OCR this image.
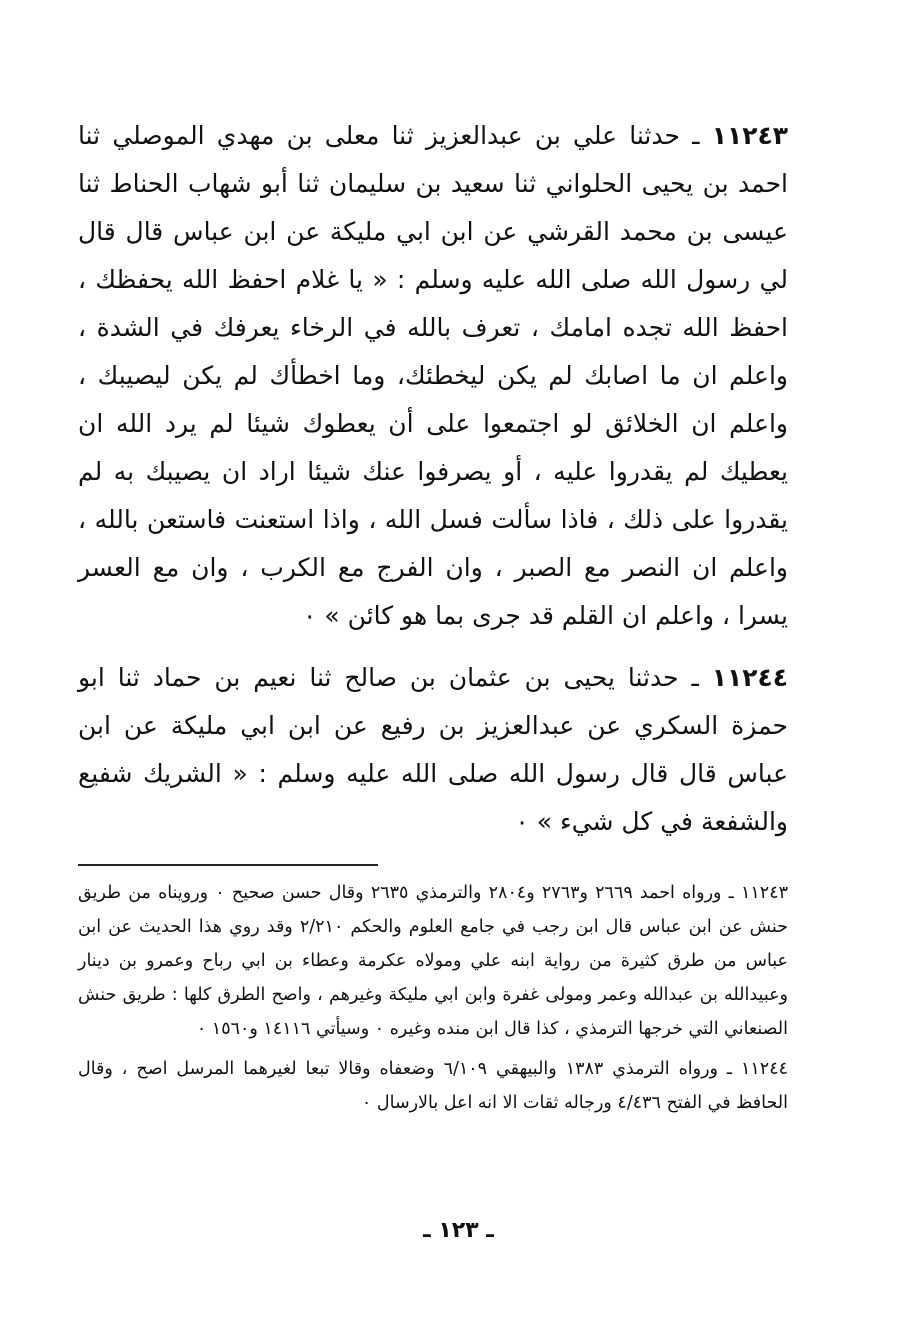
١١٢٤٣ ـ حدثنا علي بن عبدالعزيز ثنا معلى بن مهدي الموصلي ثنا احمد بن يحيى الحلواني ثنا سعيد بن سليمان ثنا أبو شهاب الحناط ثنا عيسى بن محمد القرشي عن ابن ابي مليكة عن ابن عباس قال قال لي رسول الله صلى الله عليه وسلم : « يا غلام احفظ الله يحفظك ، احفظ الله تجده امامك ، تعرف بالله في الرخاء يعرفك في الشدة ، واعلم ان ما اصابك لم يكن ليخطئك، وما اخطأك لم يكن ليصيبك ، واعلم ان الخلائق لو اجتمعوا على أن يعطوك شيئا لم يرد الله ان يعطيك لم يقدروا عليه ، أو يصرفوا عنك شيئا اراد ان يصيبك به لم يقدروا على ذلك ، فاذا سألت فسل الله ، واذا استعنت فاستعن بالله ، واعلم ان النصر مع الصبر ، وان الفرج مع الكرب ، وان مع العسر يسرا ، واعلم ان القلم قد جرى بما هو كائن » ٠

١١٢٤٤ ـ حدثنا يحيى بن عثمان بن صالح ثنا نعيم بن حماد ثنا ابو حمزة السكري عن عبدالعزيز بن رفيع عن ابن ابي مليكة عن ابن عباس قال قال رسول الله صلى الله عليه وسلم : « الشريك شفيع والشفعة في كل شيء » ٠

١١٢٤٣ ـ ورواه احمد ٢٦٦٩ و٢٧٦٣ و٢٨٠٤ والترمذي ٢٦٣٥ وقال حسن صحيح ٠ ورويناه من طريق حنش عن ابن عباس قال ابن رجب في جامع العلوم والحكم ٢/٢١٠ وقد روي هذا الحديث عن ابن عباس من طرق كثيرة من رواية ابنه علي ومولاه عكرمة وعطاء بن ابي رباح وعمرو بن دينار وعبيدالله بن عبدالله وعمر ومولى غفرة وابن ابي مليكة وغيرهم ، واصح الطرق كلها : طريق حنش الصنعاني التي خرجها الترمذي ، كذا قال ابن منده وغيره ٠ وسيأتي ١٤١١٦ و١٥٦٠ ٠

١١٢٤٤ ـ ورواه الترمذي ١٣٨٣ والبيهقي ٦/١٠٩ وضعفاه وقالا تبعا لغيرهما المرسل اصح ، وقال الحافظ في الفتح ٤/٤٣٦ ورجاله ثقات الا انه اعل بالارسال ٠

ـ ١٢٣ ـ
